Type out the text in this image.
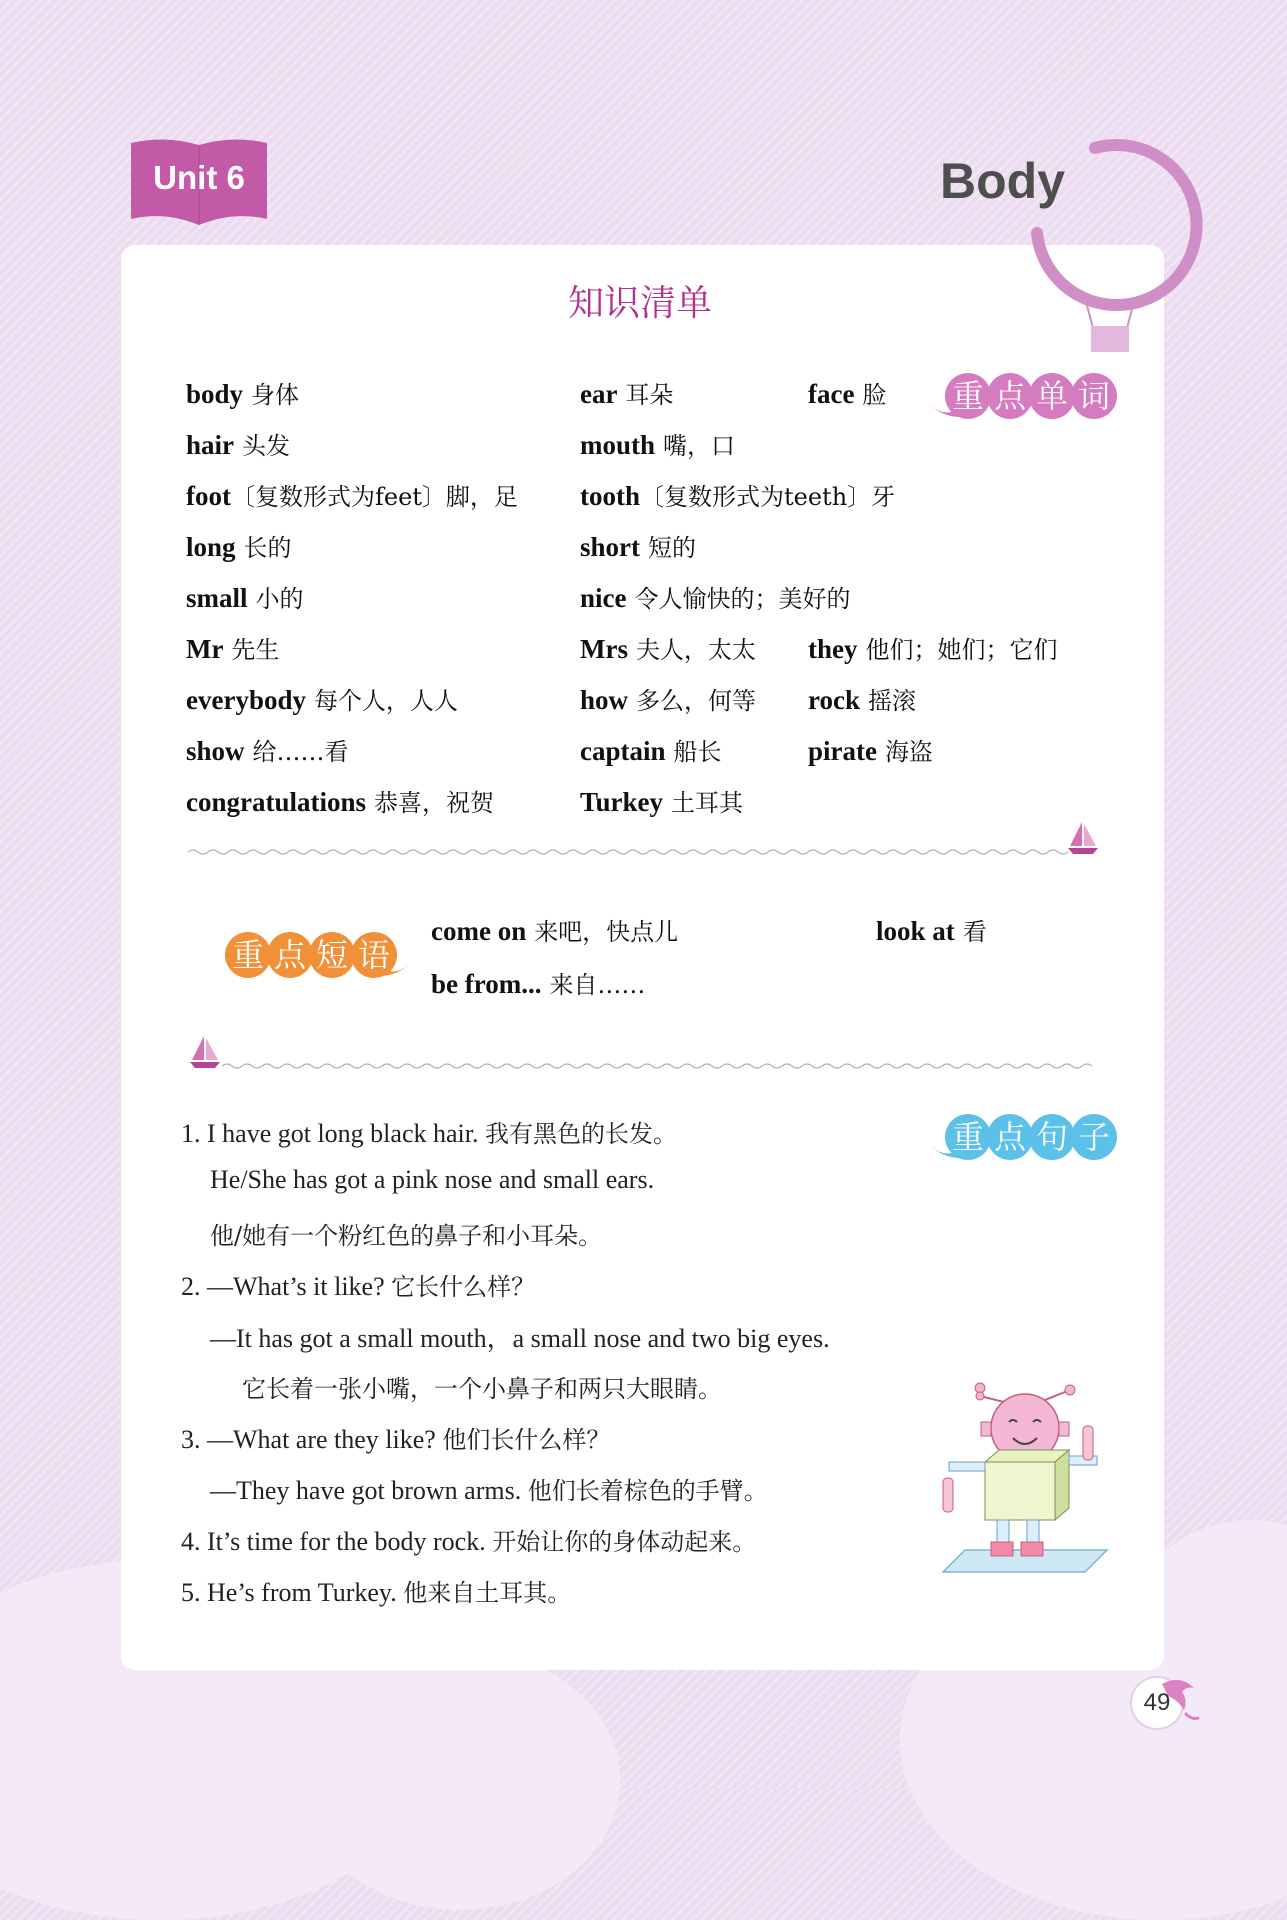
Unit 6	Body
知识清单
重 点 单 词
body 身体	ear 耳朵	face 脸
hair 头发	mouth 嘴，口
foot〔复数形式为feet〕脚，足 tooth〔复数形式为teeth〕牙
long 长的	short 短的
small 小的	nice 令人愉快的；美好的
Mr 先生	Mrs 夫人，太太 they 他们；她们；它们
everybody 每个人，人人	how 多么，何等 rock 摇滚
show 给……看	captain 船长	pirate 海盗
congratulations 恭喜，祝贺	Turkey 土耳其
重 点 短 语
come on 来吧，快点儿	look at 看
be from... 来自……
重 点 句 子
1. I have got long black hair. 我有黑色的长发。
He/She has got a pink nose and small ears.
他/她有一个粉红色的鼻子和小耳朵。
2. —What’s it like? 它长什么样？
—It has got a small mouth，a small nose and two big eyes.
它长着一张小嘴，一个小鼻子和两只大眼睛。
3. —What are they like? 他们长什么样？
—They have got brown arms. 他们长着棕色的手臂。
4. It’s time for the body rock. 开始让你的身体动起来。
5. He’s from Turkey. 他来自土耳其。
49
